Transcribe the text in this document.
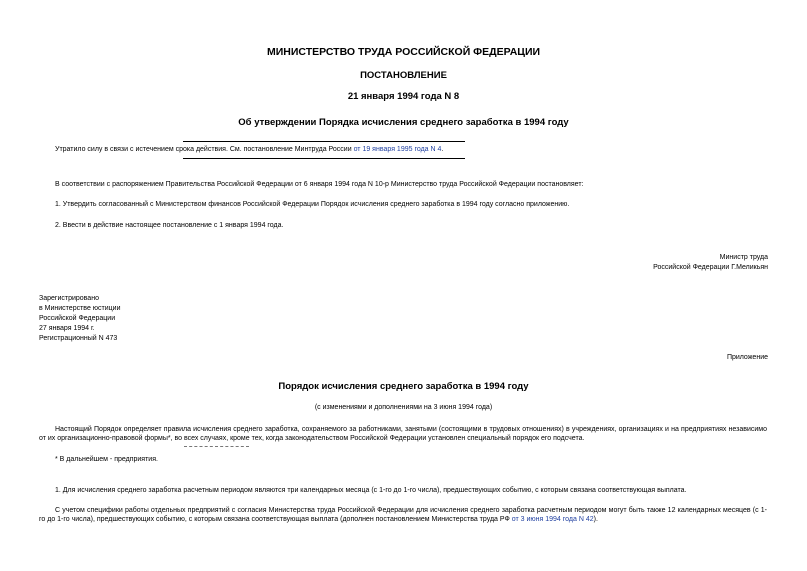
МИНИСТЕРСТВО ТРУДА РОССИЙСКОЙ ФЕДЕРАЦИИ
ПОСТАНОВЛЕНИЕ
21 января 1994 года N 8
Об утверждении Порядка исчисления среднего заработка в 1994 году
Утратило силу в связи с истечением срока действия. См. постановление Минтруда России от 19 января 1995 года N 4.
В соответствии с распоряжением Правительства Российской Федерации от 6 января 1994 года N 10-р Министерство труда Российской Федерации постановляет:
1. Утвердить согласованный с Министерством финансов Российской Федерации Порядок исчисления среднего заработка в 1994 году согласно приложению.
2. Ввести в действие настоящее постановление с 1 января 1994 года.
Министр труда
Российской Федерации Г.Меликьян
Зарегистрировано
в Министерстве юстиции
Российской Федерации
27 января 1994 г.
Регистрационный N 473
Приложение
Порядок исчисления среднего заработка в 1994 году
(с изменениями и дополнениями на 3 июня 1994 года)
Настоящий Порядок определяет правила исчисления среднего заработка, сохраняемого за работниками, занятыми (состоящими в трудовых отношениях) в учреждениях, организациях и на предприятиях независимо от их организационно-правовой формы*, во всех случаях, кроме тех, когда законодательством Российской Федерации установлен специальный порядок его подсчета.
* В дальнейшем - предприятия.
1. Для исчисления среднего заработка расчетным периодом являются три календарных месяца (с 1-го до 1-го числа), предшествующих событию, с которым связана соответствующая выплата.
С учетом специфики работы отдельных предприятий с согласия Министерства труда Российской Федерации для исчисления среднего заработка расчетным периодом могут быть также 12 календарных месяцев (с 1-го до 1-го числа), предшествующих событию, с которым связана соответствующая выплата (дополнен постановлением Министерства труда РФ от 3 июня 1994 года N 42).
